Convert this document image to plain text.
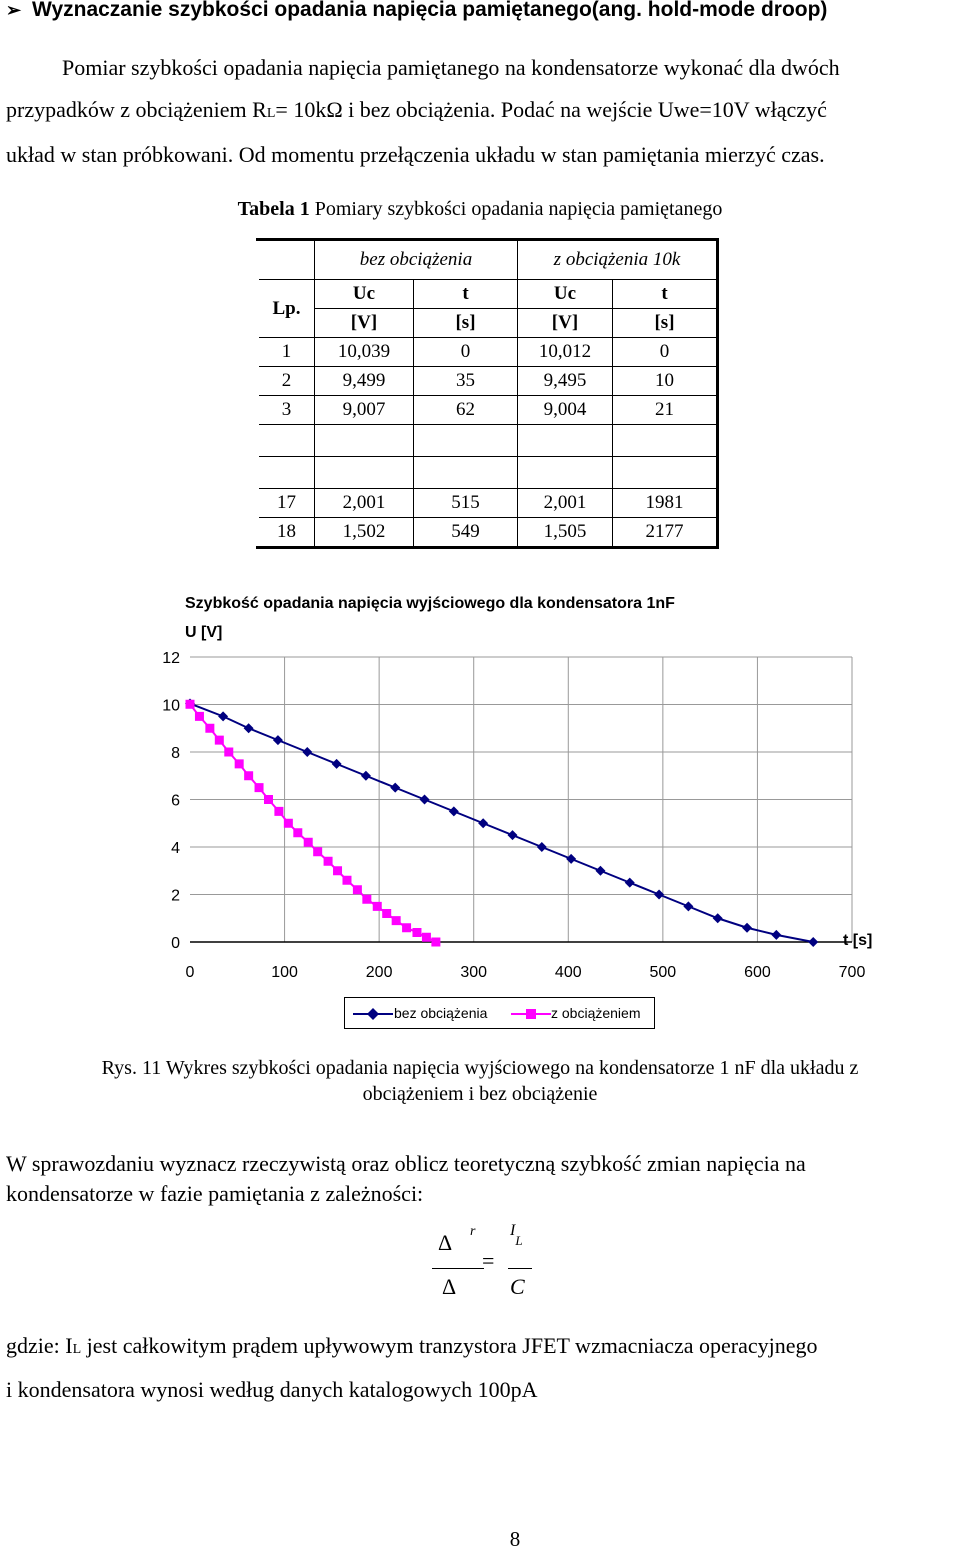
➢ Wyznaczanie szybkości opadania napięcia pamiętanego(ang. hold-mode droop)
Pomiar szybkości opadania napięcia pamiętanego na kondensatorze wykonać dla dwóch
przypadków z obciążeniem RL= 10kΩ i bez obciążenia. Podać na wejście Uwe=10V włączyć
układ w stan próbkowani. Od momentu przełączenia układu w stan pamiętania mierzyć czas.
Tabela 1 Pomiary szybkości opadania napięcia pamiętanego
	bez obciążenia		z obciążenia 10k	
Lp.	Uc	t	Uc	t
	[V]	[s]	[V]	[s]
1	10,039	0	10,012	0
2	9,499	35	9,495	10
3	9,007	62	9,004	21

17	2,001	515	2,001	1981
18	1,502	549	1,505	2177
Szybkość opadania napięcia wyjściowego dla kondensatora 1nF
U [V]
t [s]
0
2
4
6
8
10
12
0	100	200	300	400	500	600	700
bez obciążenia	z obciążeniem
Rys. 11 Wykres szybkości opadania napięcia wyjściowego na kondensatorze 1 nF dla układu z
obciążeniem i bez obciążenie
W sprawozdaniu wyznacz rzeczywistą oraz oblicz teoretyczną szybkość zmian napięcia na
kondensatorze w fazie pamiętania z zależności:
Δ r
Δ
=
$I_L$
C
gdzie: IL jest całkowitym prądem upływowym tranzystora JFET wzmacniacza operacyjnego
i kondensatora wynosi według danych katalogowych 100pA
8
